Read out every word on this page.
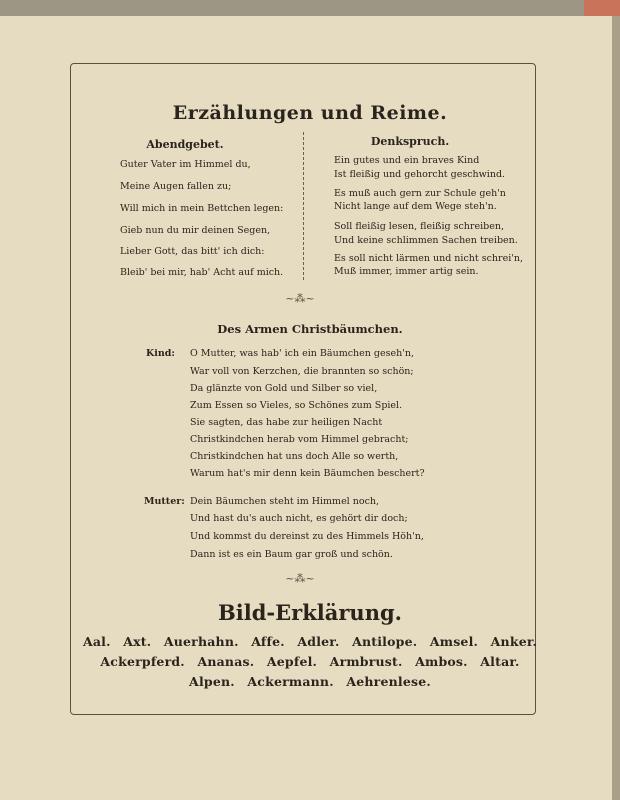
Erzählungen und Reime.
Abendgebet.	Denkspruch.
Guter Vater im Himmel du,
Meine Augen fallen zu;
Will mich in mein Bettchen legen:
Gieb nun du mir deinen Segen,
Lieber Gott, das bitt' ich dich:
Bleib' bei mir, hab' Acht auf mich.
Ein gutes und ein braves Kind
Ist fleißig und gehorcht geschwind.
Es muß auch gern zur Schule geh'n
Nicht lange auf dem Wege steh'n.
Soll fleißig lesen, fleißig schreiben,
Und keine schlimmen Sachen treiben.
Es soll nicht lärmen und nicht schrei'n,
Muß immer, immer artig sein.
~⁂~
Des Armen Christbäumchen.
Kind: O Mutter, was hab' ich ein Bäumchen geseh'n,
War voll von Kerzchen, die brannten so schön;
Da glänzte von Gold und Silber so viel,
Zum Essen so Vieles, so Schönes zum Spiel.
Sie sagten, das habe zur heiligen Nacht
Christkindchen herab vom Himmel gebracht;
Christkindchen hat uns doch Alle so werth,
Warum hat's mir denn kein Bäumchen beschert?
Mutter: Dein Bäumchen steht im Himmel noch,
Und hast du's auch nicht, es gehört dir doch;
Und kommst du dereinst zu des Himmels Höh'n,
Dann ist es ein Baum gar groß und schön.
~⁂~
Bild-Erklärung.
Aal. Axt. Auerhahn. Affe. Adler. Antilope. Amsel. Anker.
Ackerpferd. Ananas. Aepfel. Armbrust. Ambos. Altar.
Alpen. Ackermann. Aehrenlese.
